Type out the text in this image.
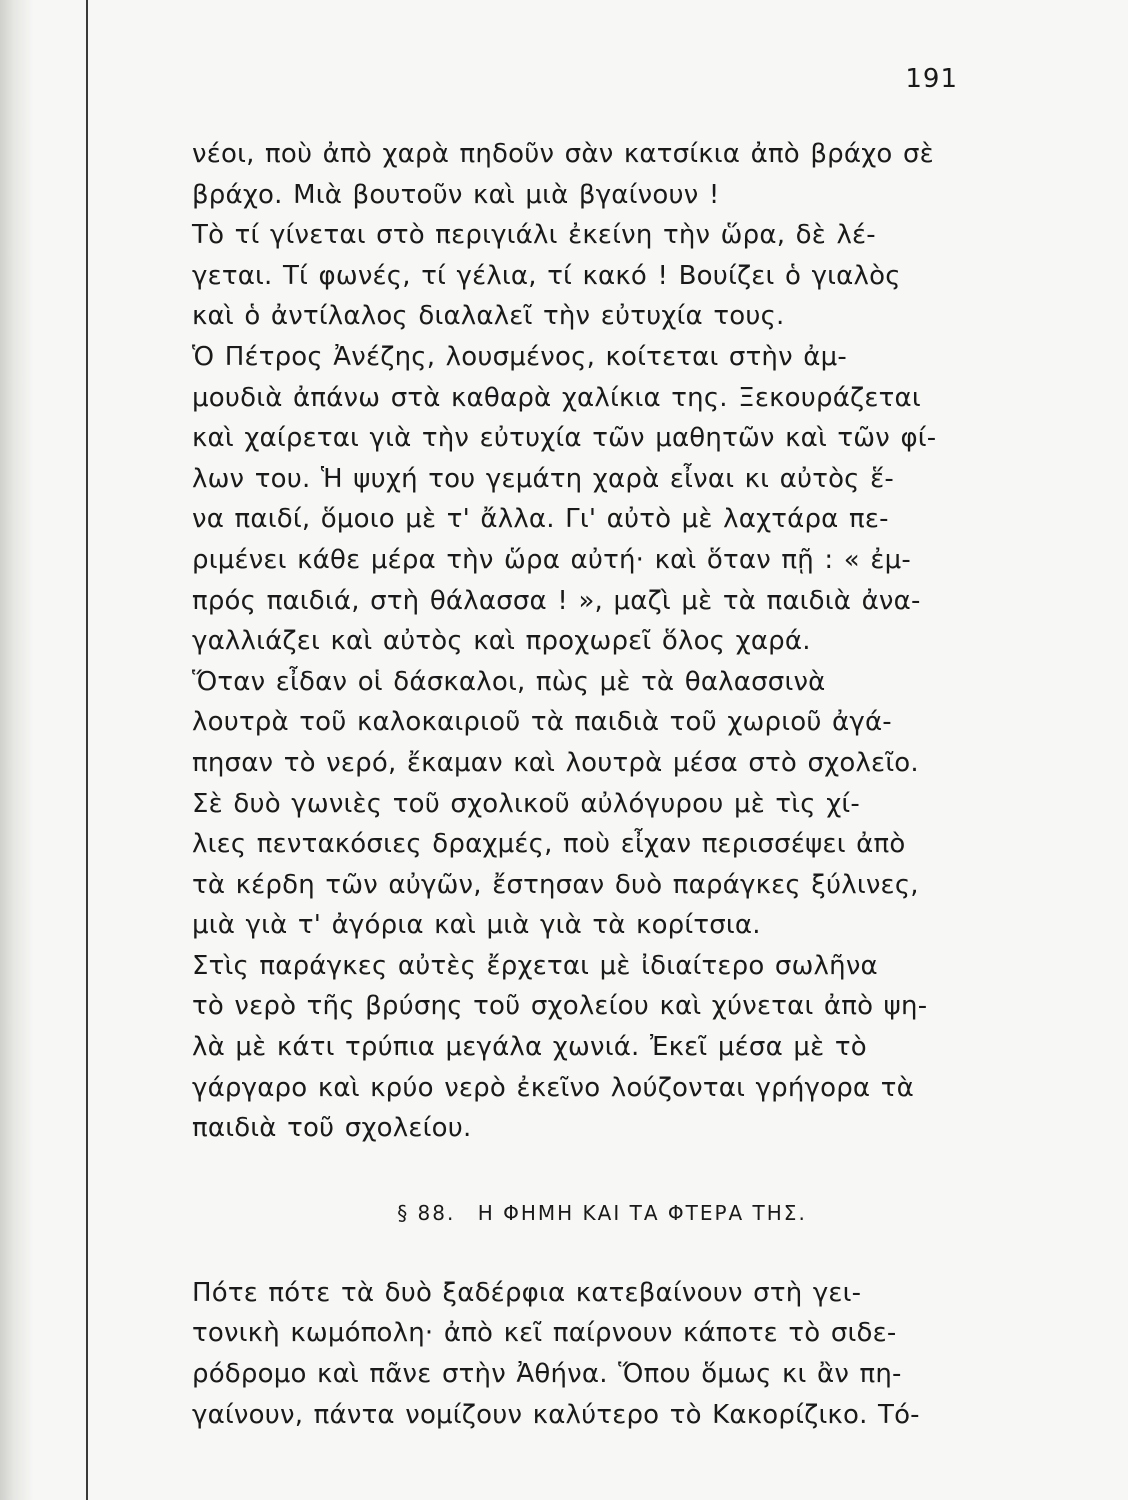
191

νέοι, ποὺ ἀπὸ χαρὰ πηδοῦν σὰν κατσίκια ἀπὸ βράχο σὲ
βράχο. Μιὰ βουτοῦν καὶ μιὰ βγαίνουν !

Τὸ τί γίνεται στὸ περιγιάλι ἐκείνη τὴν ὥρα, δὲ λέ-
γεται. Τί φωνές, τί γέλια, τί κακό ! Βουίζει ὁ γιαλὸς
καὶ ὁ ἀντίλαλος διαλαλεῖ τὴν εὐτυχία τους.

Ὁ Πέτρος Ἀνέζης, λουσμένος, κοίτεται στὴν ἀμ-
μουδιὰ ἀπάνω στὰ καθαρὰ χαλίκια της. Ξεκουράζεται
καὶ χαίρεται γιὰ τὴν εὐτυχία τῶν μαθητῶν καὶ τῶν φί-
λων του. Ἡ ψυχή του γεμάτη χαρὰ εἶναι κι αὐτὸς ἕ-
να παιδί, ὅμοιο μὲ τ' ἄλλα. Γι' αὐτὸ μὲ λαχτάρα πε-
ριμένει κάθε μέρα τὴν ὥρα αὐτή· καὶ ὅταν πῇ : « ἐμ-
πρός παιδιά, στὴ θάλασσα ! », μαζὶ μὲ τὰ παιδιὰ ἀνα-
γαλλιάζει καὶ αὐτὸς καὶ προχωρεῖ ὅλος χαρά.

Ὅταν εἶδαν οἱ δάσκαλοι, πὼς μὲ τὰ θαλασσινὰ
λουτρὰ τοῦ καλοκαιριοῦ τὰ παιδιὰ τοῦ χωριοῦ ἀγά-
πησαν τὸ νερό, ἔκαμαν καὶ λουτρὰ μέσα στὸ σχολεῖο.

Σὲ δυὸ γωνιὲς τοῦ σχολικοῦ αὐλόγυρου μὲ τὶς χί-
λιες πεντακόσιες δραχμές, ποὺ εἶχαν περισσέψει ἀπὸ
τὰ κέρδη τῶν αὐγῶν, ἔστησαν δυὸ παράγκες ξύλινες,
μιὰ γιὰ τ' ἀγόρια καὶ μιὰ γιὰ τὰ κορίτσια.

Στὶς παράγκες αὐτὲς ἔρχεται μὲ ἰδιαίτερο σωλῆνα
τὸ νερὸ τῆς βρύσης τοῦ σχολείου καὶ χύνεται ἀπὸ ψη-
λὰ μὲ κάτι τρύπια μεγάλα χωνιά. Ἐκεῖ μέσα μὲ τὸ
γάργαρο καὶ κρύο νερὸ ἐκεῖνο λούζονται γρήγορα τὰ
παιδιὰ τοῦ σχολείου.

§ 88. Η ΦΗΜΗ ΚΑΙ ΤΑ ΦΤΕΡΑ ΤΗΣ.

Πότε πότε τὰ δυὸ ξαδέρφια κατεβαίνουν στὴ γει-
τονικὴ κωμόπολη· ἀπὸ κεῖ παίρνουν κάποτε τὸ σιδε-
ρόδρομο καὶ πᾶνε στὴν Ἀθήνα. Ὅπου ὅμως κι ἂν πη-
γαίνουν, πάντα νομίζουν καλύτερο τὸ Κακορίζικο. Τό-
